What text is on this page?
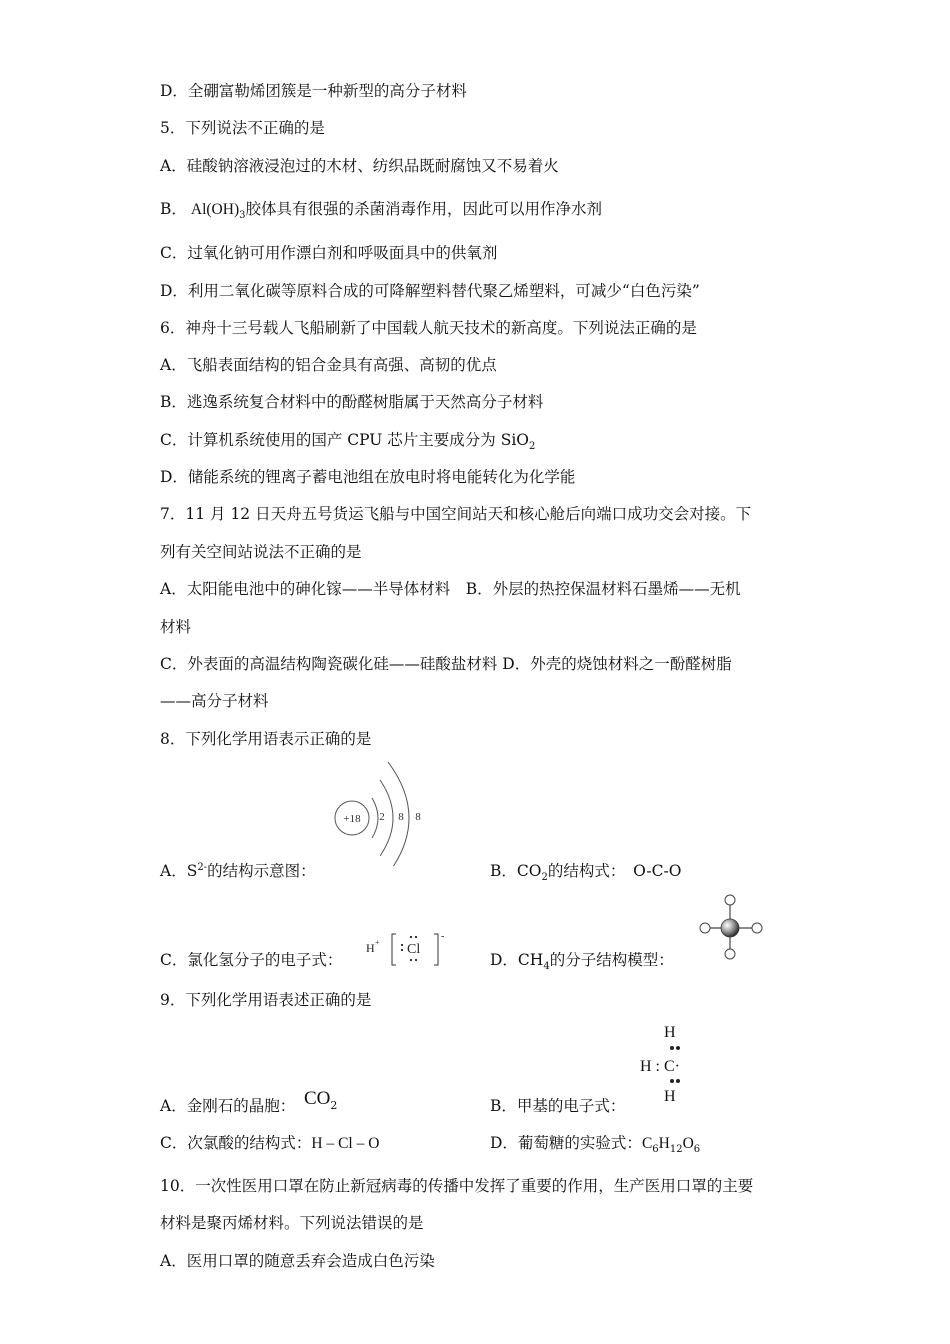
D．全硼富勒烯团簇是一种新型的高分子材料
5．下列说法不正确的是
A．硅酸钠溶液浸泡过的木材、纺织品既耐腐蚀又不易着火
B． $Al(OH)_3$胶体具有很强的杀菌消毒作用，因此可以用作净水剂
C．过氧化钠可用作漂白剂和呼吸面具中的供氧剂
D．利用二氧化碳等原料合成的可降解塑料替代聚乙烯塑料，可减少“白色污染”
6．神舟十三号载人飞船刷新了中国载人航天技术的新高度。下列说法正确的是
A．飞船表面结构的铝合金具有高强、高韧的优点
B．逃逸系统复合材料中的酚醛树脂属于天然高分子材料
C．计算机系统使用的国产 CPU 芯片主要成分为 SiO$_2$
D．储能系统的锂离子蓄电池组在放电时将电能转化为化学能
7．11 月 12 日天舟五号货运飞船与中国空间站天和核心舱后向端口成功交会对接。下
列有关空间站说法不正确的是
A．太阳能电池中的砷化镓——半导体材料　B．外层的热控保温材料石墨烯——无机
材料
C．外表面的高温结构陶瓷碳化硅——硅酸盐材料 D．外壳的烧蚀材料之一酚醛树脂
——高分子材料
8．下列化学用语表示正确的是
+18 2 8 8
A．$S^{2-}$的结构示意图：	B．$CO_2$的结构式：　O-C-O
C．氯化氢分子的电子式：
H + Cl
-
D．$CH_4$的分子结构模型：
9．下列化学用语表述正确的是
A．金刚石的晶胞： $CO_2$	B．甲基的电子式：
H
H : C·
H
C．次氯酸的结构式：H – Cl – O	D．葡萄糖的实验式：$C_6H_{12}O_6$
10．一次性医用口罩在防止新冠病毒的传播中发挥了重要的作用，生产医用口罩的主要
材料是聚丙烯材料。下列说法错误的是
A．医用口罩的随意丢弃会造成白色污染
